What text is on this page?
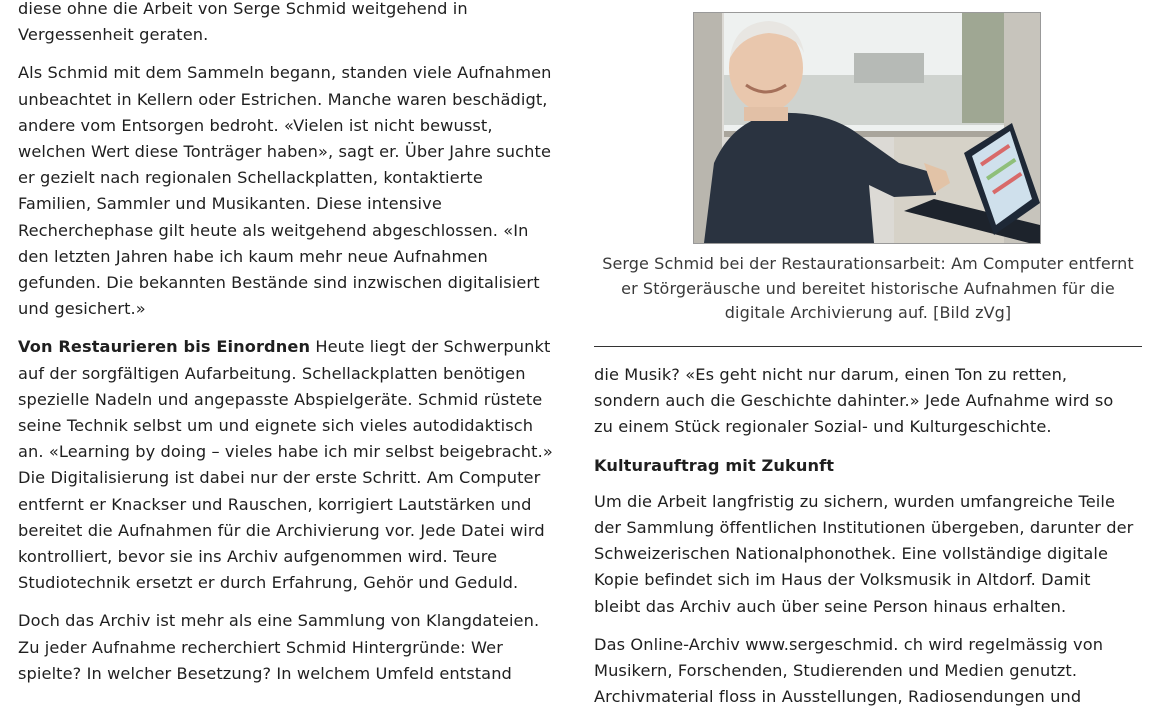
diese ohne die Arbeit von Serge Schmid weitgehend in Vergessenheit geraten.

Als Schmid mit dem Sammeln begann, standen viele Aufnahmen unbeachtet in Kellern oder Estrichen. Manche waren beschädigt, andere vom Entsorgen bedroht. «Vielen ist nicht bewusst, welchen Wert diese Tonträger haben», sagt er. Über Jahre suchte er gezielt nach regionalen Schellackplatten, kontaktierte Familien, Sammler und Musikanten. Diese intensive Recherchephase gilt heute als weitgehend abgeschlossen. «In den letzten Jahren habe ich kaum mehr neue Aufnahmen gefunden. Die bekannten Bestände sind inzwischen digitalisiert und gesichert.»

Von Restaurieren bis Einordnen Heute liegt der Schwerpunkt auf der sorgfältigen Aufarbeitung. Schellackplatten benötigen spezielle Nadeln und angepasste Abspielgeräte. Schmid rüstete seine Technik selbst um und eignete sich vieles autodidaktisch an. «Learning by doing – vieles habe ich mir selbst beigebracht.» Die Digitalisierung ist dabei nur der erste Schritt. Am Computer entfernt er Knackser und Rauschen, korrigiert Lautstärken und bereitet die Aufnahmen für die Archivierung vor. Jede Datei wird kontrolliert, bevor sie ins Archiv aufgenommen wird. Teure Studiotechnik ersetzt er durch Erfahrung, Gehör und Geduld.

Doch das Archiv ist mehr als eine Sammlung von Klangdateien. Zu jeder Aufnahme recherchiert Schmid Hintergründe: Wer spielte? In welcher Besetzung? In welchem Umfeld entstand

Serge Schmid bei der Restaurationsarbeit: Am Computer entfernt er Störgeräusche und bereitet historische Aufnahmen für die digitale Archivierung auf. [Bild zVg]

die Musik? «Es geht nicht nur darum, einen Ton zu retten, sondern auch die Geschichte dahinter.» Jede Aufnahme wird so zu einem Stück regionaler Sozial- und Kulturgeschichte.

Kulturauftrag mit Zukunft

Um die Arbeit langfristig zu sichern, wurden umfangreiche Teile der Sammlung öffentlichen Institutionen übergeben, darunter der Schweizerischen Nationalphonothek. Eine vollständige digitale Kopie befindet sich im Haus der Volksmusik in Altdorf. Damit bleibt das Archiv auch über seine Person hinaus erhalten.

Das Online-Archiv www.sergeschmid. ch wird regelmässig von Musikern, Forschenden, Studierenden und Medien genutzt. Archivmaterial floss in Ausstellungen, Radiosendungen und
